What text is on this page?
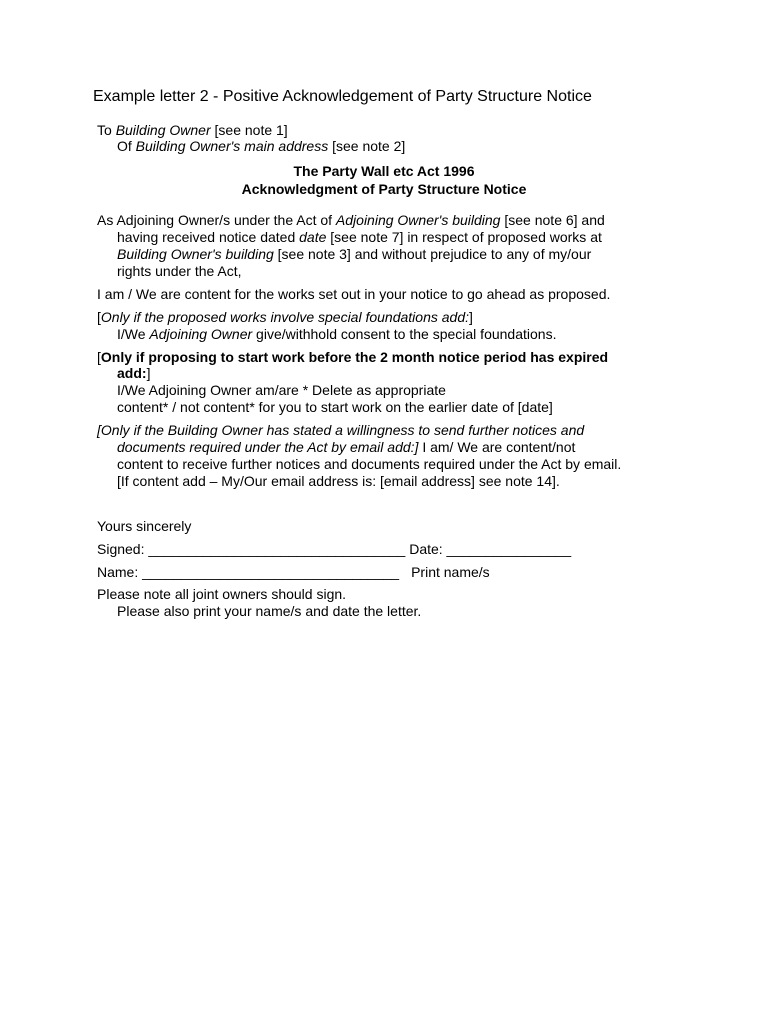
Example letter 2 - Positive Acknowledgement of Party Structure Notice
To Building Owner [see note 1]
Of Building Owner's main address [see note 2]
The Party Wall etc Act 1996
Acknowledgment of Party Structure Notice
As Adjoining Owner/s under the Act of Adjoining Owner's building [see note 6] and
having received notice dated date [see note 7] in respect of proposed works at
Building Owner's building [see note 3] and without prejudice to any of my/our
rights under the Act,
I am / We are content for the works set out in your notice to go ahead as proposed.
[Only if the proposed works involve special foundations add:]
I/We Adjoining Owner give/withhold consent to the special foundations.
[Only if proposing to start work before the 2 month notice period has expired
add:]
I/We Adjoining Owner am/are * Delete as appropriate
content* / not content* for you to start work on the earlier date of [date]
[Only if the Building Owner has stated a willingness to send further notices and
documents required under the Act by email add:] I am/ We are content/not
content to receive further notices and documents required under the Act by email.
[If content add – My/Our email address is: [email address] see note 14].
Yours sincerely
Signed: _________________________________ Date: ________________
Name: _________________________________ Print name/s
Please note all joint owners should sign.
Please also print your name/s and date the letter.
